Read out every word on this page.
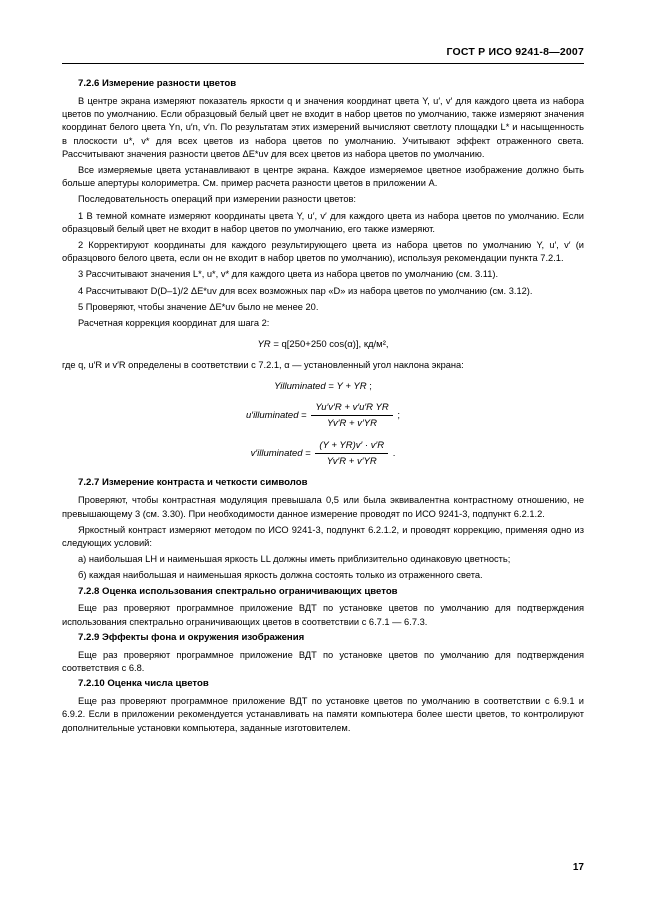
ГОСТ Р ИСО 9241-8—2007
7.2.6 Измерение разности цветов

В центре экрана измеряют показатель яркости q и значения координат цвета Y, u′, v′ для каждого цвета из набора цветов по умолчанию. Если образцовый белый цвет не входит в набор цветов по умолчанию, также измеряют значения координат белого цвета Yn, u′n, v′n. По результатам этих измерений вычисляют светлоту площадки L* и насыщенность в плоскости u*, v* для всех цветов из набора цветов по умолчанию. Учитывают эффект отраженного света. Рассчитывают значения разности цветов ΔE*uv для всех цветов из набора цветов по умолчанию.

Все измеряемые цвета устанавливают в центре экрана. Каждое измеряемое цветное изображение должно быть больше апертуры колориметра. См. пример расчета разности цветов в приложении А.

Последовательность операций при измерении разности цветов:

1 В темной комнате измеряют координаты цвета Y, u′, v′ для каждого цвета из набора цветов по умолчанию. Если образцовый белый цвет не входит в набор цветов по умолчанию, его также измеряют.

2 Корректируют координаты для каждого результирующего цвета из набора цветов по умолчанию Y, u′, v′ (и образцового белого цвета, если он не входит в набор цветов по умолчанию), используя рекомендации пункта 7.2.1.

3 Рассчитывают значения L*, u*, v* для каждого цвета из набора цветов по умолчанию (см. 3.11).

4 Рассчитывают D(D–1)/2 ΔE*uv для всех возможных пар «D» из набора цветов по умолчанию (см. 3.12).

5 Проверяют, чтобы значение ΔE*uv было не менее 20.

Расчетная коррекция координат для шага 2:

YR = q[250+250 cos(α)], кд/м²,

где q, u′R и v′R определены в соответствии с 7.2.1, α — установленный угол наклона экрана:

Yilluminated = Y + YR ;
u′illuminated = $\frac{\text{Yu′v′R + v′u′R YR}}{Yv'R + v'YR}$ ;
v′illuminated = $\frac{(Y + YR)v' \cdot v'R}{Yv'R + v'YR}$ .
7.2.7 Измерение контраста и четкости символов

Проверяют, чтобы контрастная модуляция превышала 0,5 или была эквивалентна контрастному отношению, не превышающему 3 (см. 3.30). При необходимости данное измерение проводят по ИСО 9241-3, подпункт 6.2.1.2.

Яркостный контраст измеряют методом по ИСО 9241-3, подпункт 6.2.1.2, и проводят коррекцию, применяя одно из следующих условий:

а) наибольшая LH и наименьшая яркость LL должны иметь приблизительно одинаковую цветность;

б) каждая наибольшая и наименьшая яркость должна состоять только из отраженного света.

7.2.8 Оценка использования спектрально ограничивающих цветов

Еще раз проверяют программное приложение ВДТ по установке цветов по умолчанию для подтверждения использования спектрально ограничивающих цветов в соответствии с 6.7.1 — 6.7.3.

7.2.9 Эффекты фона и окружения изображения

Еще раз проверяют программное приложение ВДТ по установке цветов по умолчанию для подтверждения соответствия с 6.8.

7.2.10 Оценка числа цветов

Еще раз проверяют программное приложение ВДТ по установке цветов по умолчанию в соответствии с 6.9.1 и 6.9.2. Если в приложении рекомендуется устанавливать на памяти компьютера более шести цветов, то контролируют дополнительные установки компьютера, заданные изготовителем.

17
